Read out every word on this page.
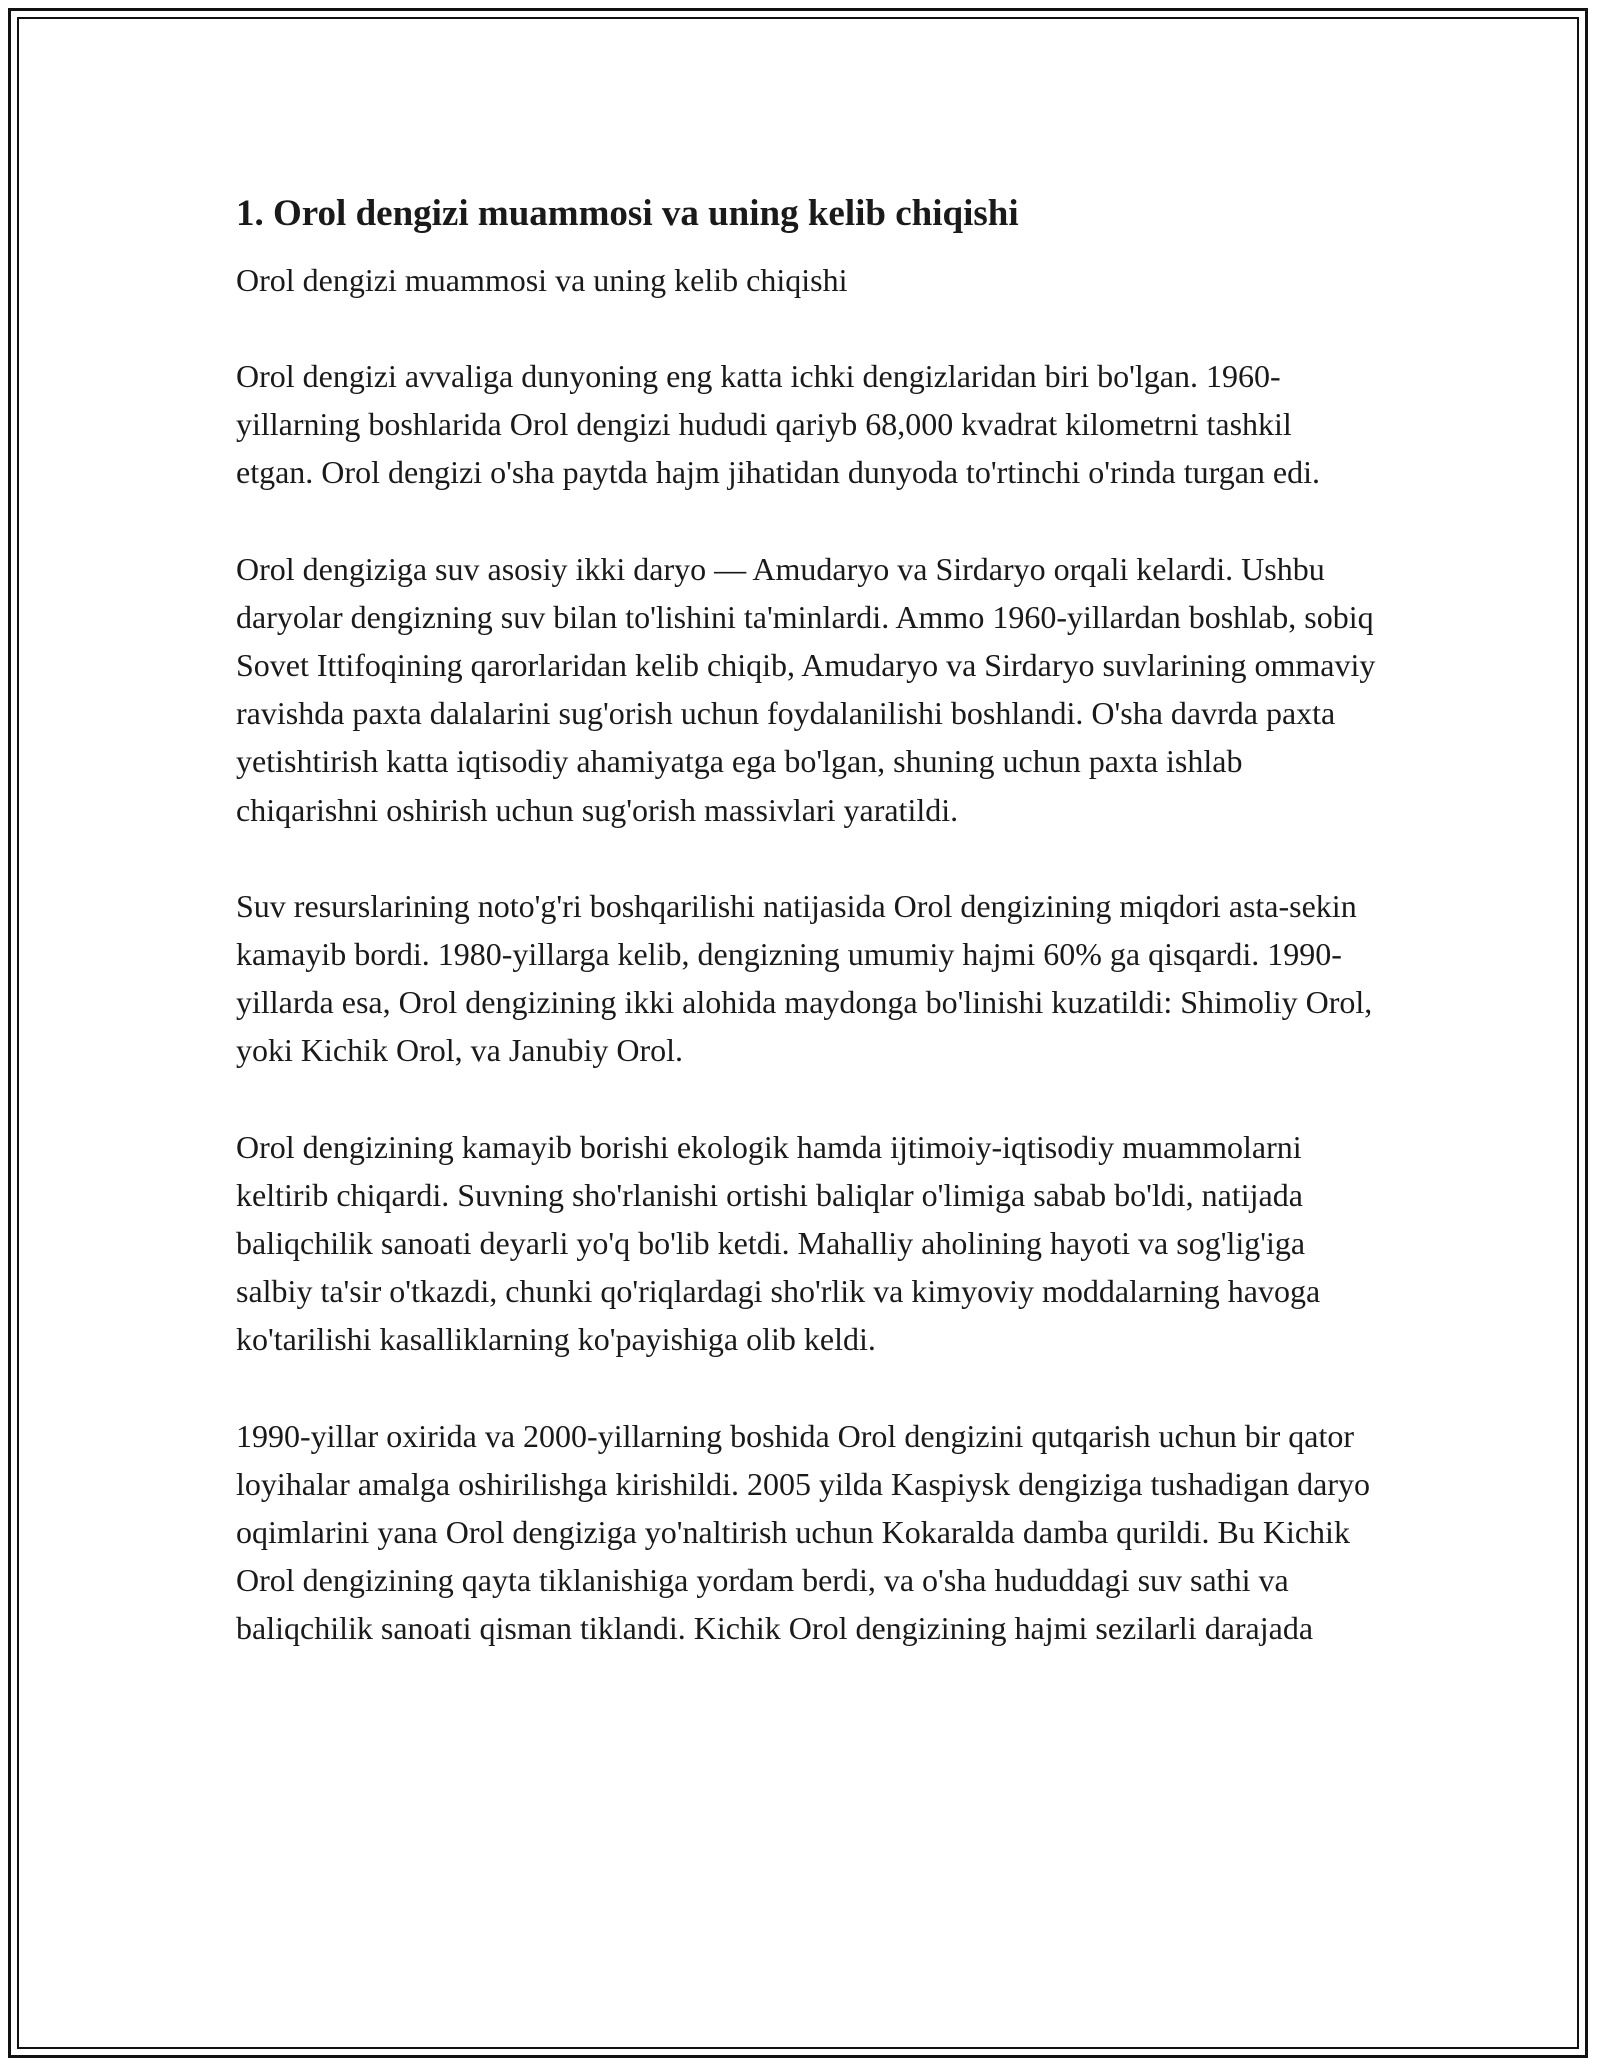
1. Orol dengizi muammosi va uning kelib chiqishi

Orol dengizi muammosi va uning kelib chiqishi

Orol dengizi avvaliga dunyoning eng katta ichki dengizlaridan biri bo'lgan. 1960-yillarning boshlarida Orol dengizi hududi qariyb 68,000 kvadrat kilometrni tashkil etgan. Orol dengizi o'sha paytda hajm jihatidan dunyoda to'rtinchi o'rinda turgan edi.

Orol dengiziga suv asosiy ikki daryo — Amudaryo va Sirdaryo orqali kelardi. Ushbu daryolar dengizning suv bilan to'lishini ta'minlardi. Ammo 1960-yillardan boshlab, sobiq Sovet Ittifoqining qarorlaridan kelib chiqib, Amudaryo va Sirdaryo suvlarining ommaviy ravishda paxta dalalarini sug'orish uchun foydalanilishi boshlandi. O'sha davrda paxta yetishtirish katta iqtisodiy ahamiyatga ega bo'lgan, shuning uchun paxta ishlab chiqarishni oshirish uchun sug'orish massivlari yaratildi.

Suv resurslarining noto'g'ri boshqarilishi natijasida Orol dengizining miqdori asta-sekin kamayib bordi. 1980-yillarga kelib, dengizning umumiy hajmi 60% ga qisqardi. 1990-yillarda esa, Orol dengizining ikki alohida maydonga bo'linishi kuzatildi: Shimoliy Orol, yoki Kichik Orol, va Janubiy Orol.

Orol dengizining kamayib borishi ekologik hamda ijtimoiy-iqtisodiy muammolarni keltirib chiqardi. Suvning sho'rlanishi ortishi baliqlar o'limiga sabab bo'ldi, natijada baliqchilik sanoati deyarli yo'q bo'lib ketdi. Mahalliy aholining hayoti va sog'lig'iga salbiy ta'sir o'tkazdi, chunki qo'riqlardagi sho'rlik va kimyoviy moddalarning havoga ko'tarilishi kasalliklarning ko'payishiga olib keldi.

1990-yillar oxirida va 2000-yillarning boshida Orol dengizini qutqarish uchun bir qator loyihalar amalga oshirilishga kirishildi. 2005 yilda Kaspiysk dengiziga tushadigan daryo oqimlarini yana Orol dengiziga yo'naltirish uchun Kokaralda damba qurildi. Bu Kichik Orol dengizining qayta tiklanishiga yordam berdi, va o'sha hududdagi suv sathi va baliqchilik sanoati qisman tiklandi. Kichik Orol dengizining hajmi sezilarli darajada
